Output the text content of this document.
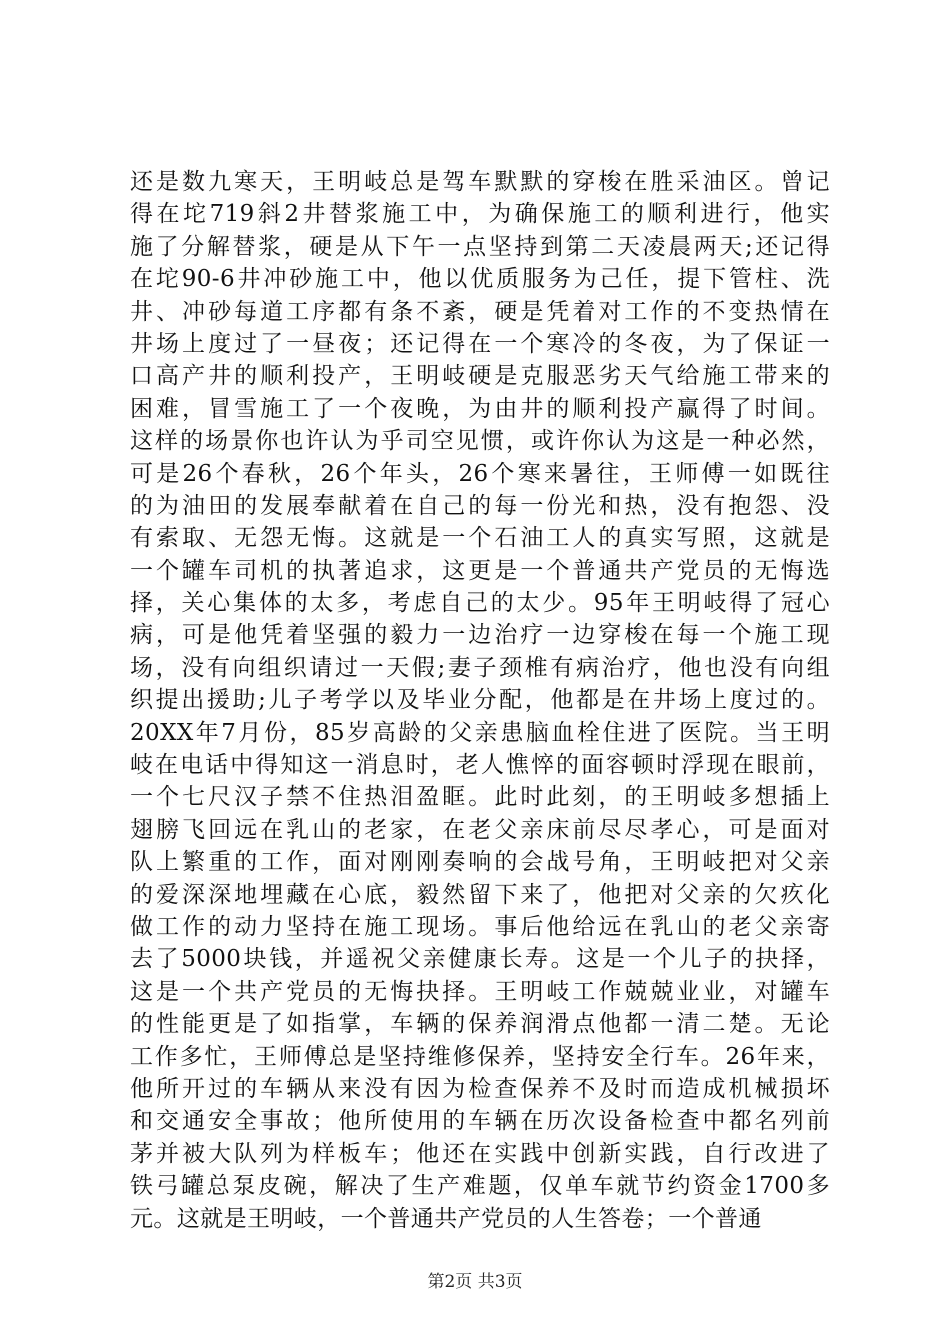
还是数九寒天，王明岐总是驾车默默的穿梭在胜采油区。曾记
得在坨719斜2井替浆施工中，为确保施工的顺利进行，他实
施了分解替浆，硬是从下午一点坚持到第二天凌晨两天;还记得
在坨90-6井冲砂施工中，他以优质服务为己任，提下管柱、洗
井、冲砂每道工序都有条不紊，硬是凭着对工作的不变热情在
井场上度过了一昼夜；还记得在一个寒冷的冬夜，为了保证一
口高产井的顺利投产，王明岐硬是克服恶劣天气给施工带来的
困难，冒雪施工了一个夜晚，为由井的顺利投产赢得了时间。
这样的场景你也许认为乎司空见惯，或许你认为这是一种必然，
可是26个春秋，26个年头，26个寒来暑往，王师傅一如既往
的为油田的发展奉献着在自己的每一份光和热，没有抱怨、没
有索取、无怨无悔。这就是一个石油工人的真实写照，这就是
一个罐车司机的执著追求，这更是一个普通共产党员的无悔选
择，关心集体的太多，考虑自己的太少。95年王明岐得了冠心
病，可是他凭着坚强的毅力一边治疗一边穿梭在每一个施工现
场，没有向组织请过一天假;妻子颈椎有病治疗，他也没有向组
织提出援助;儿子考学以及毕业分配，他都是在井场上度过的。
20XX年7月份，85岁高龄的父亲患脑血栓住进了医院。当王明
岐在电话中得知这一消息时，老人憔悴的面容顿时浮现在眼前，
一个七尺汉子禁不住热泪盈眶。此时此刻，的王明岐多想插上
翅膀飞回远在乳山的老家，在老父亲床前尽尽孝心，可是面对
队上繁重的工作，面对刚刚奏响的会战号角，王明岐把对父亲
的爱深深地埋藏在心底，毅然留下来了，他把对父亲的欠疚化
做工作的动力坚持在施工现场。事后他给远在乳山的老父亲寄
去了5000块钱，并遥祝父亲健康长寿。这是一个儿子的抉择，
这是一个共产党员的无悔抉择。王明岐工作兢兢业业，对罐车
的性能更是了如指掌，车辆的保养润滑点他都一清二楚。无论
工作多忙，王师傅总是坚持维修保养，坚持安全行车。26年来，
他所开过的车辆从来没有因为检查保养不及时而造成机械损坏
和交通安全事故；他所使用的车辆在历次设备检查中都名列前
茅并被大队列为样板车；他还在实践中创新实践，自行改进了
铁弓罐总泵皮碗，解决了生产难题，仅单车就节约资金1700多
元。这就是王明岐，一个普通共产党员的人生答卷；一个普通
第2页 共3页
